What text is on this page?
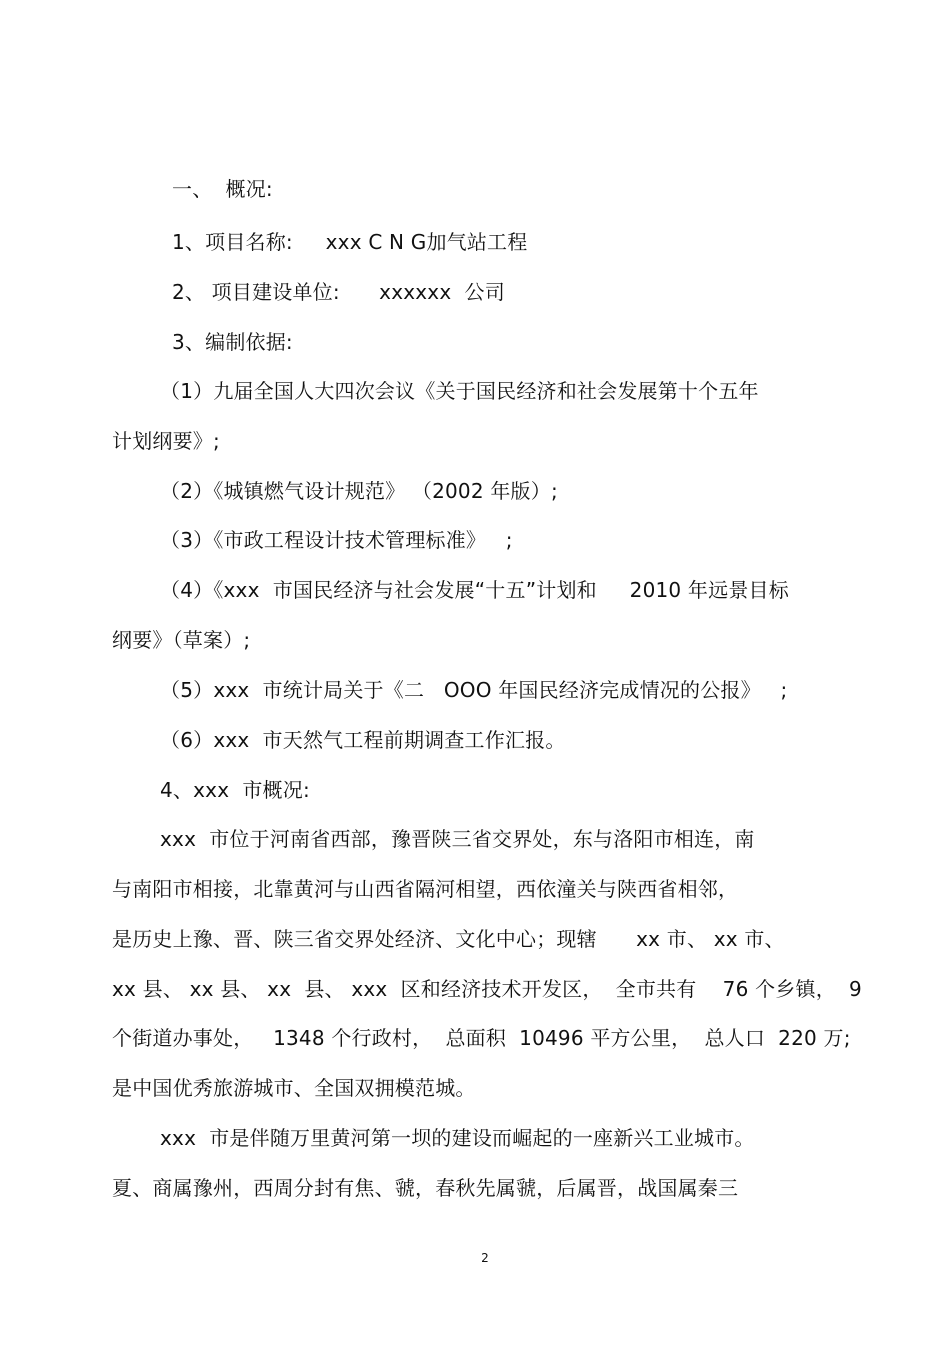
一、  概况:
1、项目名称:     xxx C N G加气站工程
2、 项目建设单位:      xxxxxx  公司
3、编制依据:
（1）九届全国人大四次会议《关于国民经济和社会发展第十个五年
计划纲要》;
（2）《城镇燃气设计规范》 （2002 年版）;
（3）《市政工程设计技术管理标准》   ;
（4）《xxx  市国民经济与社会发展“十五”计划和     2010 年远景目标
纲要》（草案）;
（5）xxx  市统计局关于《二   OOO 年国民经济完成情况的公报》   ;
（6）xxx  市天然气工程前期调查工作汇报。
4、xxx  市概况:
xxx  市位于河南省西部，豫晋陕三省交界处，东与洛阳市相连，南
与南阳市相接，北靠黄河与山西省隔河相望，西依潼关与陕西省相邻，
是历史上豫、晋、陕三省交界处经济、文化中心；现辖      xx 市、 xx 市、
xx 县、 xx 县、 xx  县、 xxx  区和经济技术开发区，  全市共有    76 个乡镇，  9
个街道办事处，   1348 个行政村，  总面积  10496 平方公里，  总人口  220 万;
是中国优秀旅游城市、全国双拥模范城。
xxx  市是伴随万里黄河第一坝的建设而崛起的一座新兴工业城市。
夏、商属豫州，西周分封有焦、虢，春秋先属虢，后属晋，战国属秦三
2
